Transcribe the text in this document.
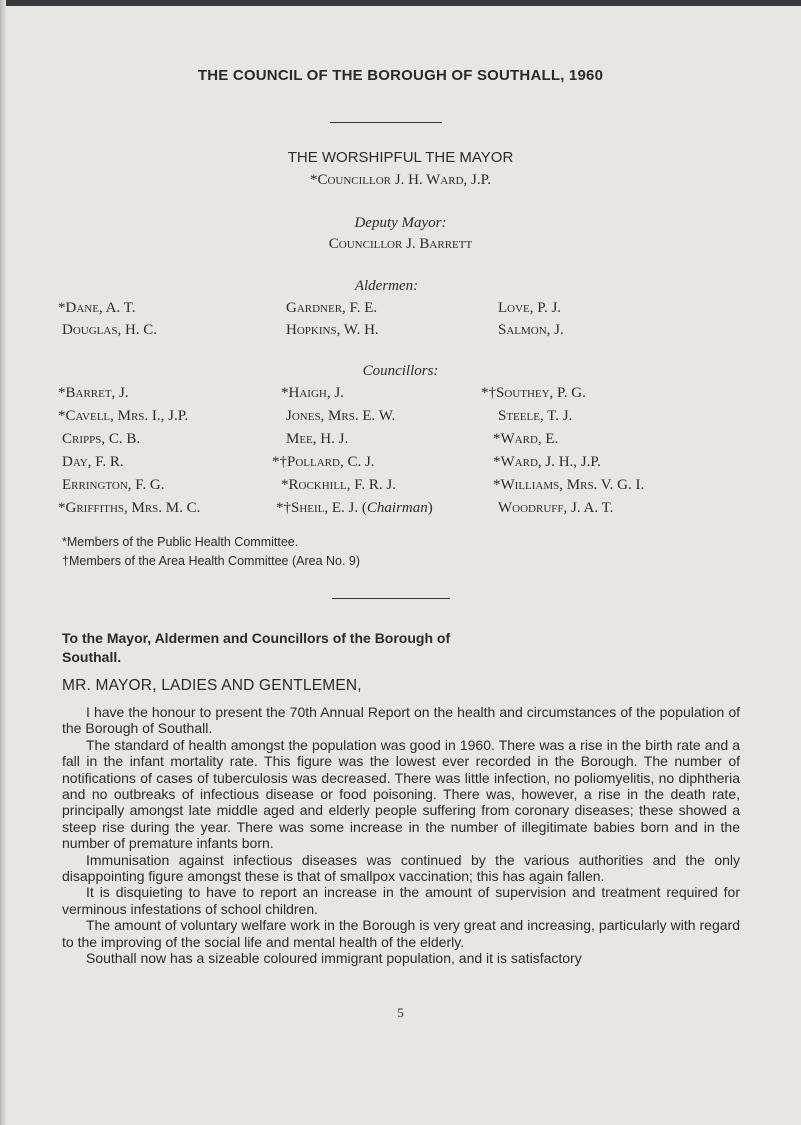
THE COUNCIL OF THE BOROUGH OF SOUTHALL, 1960
THE WORSHIPFUL THE MAYOR
*Councillor J. H. Ward, J.P.
Deputy Mayor:
Councillor J. Barrett
Aldermen:
*Dane, A. T.
Douglas, H. C.
Gardner, F. E.
Hopkins, W. H.
Love, P. J.
Salmon, J.
Councillors:
*Barret, J.
*Cavell, Mrs. I., J.P.
Cripps, C. B.
Day, F. R.
Errington, F. G.
*Griffiths, Mrs. M. C.
*Haigh, J.
Jones, Mrs. E. W.
Mee, H. J.
*†Pollard, C. J.
*Rockhill, F. R. J.
*†Sheil, E. J. (Chairman)
*†Southey, P. G.
Steele, T. J.
*Ward, E.
*Ward, J. H., J.P.
*Williams, Mrs. V. G. I.
Woodruff, J. A. T.
*Members of the Public Health Committee.
†Members of the Area Health Committee (Area No. 9)
To the Mayor, Aldermen and Councillors of the Borough of Southall.
MR. MAYOR, LADIES AND GENTLEMEN,

I have the honour to present the 70th Annual Report on the health and circumstances of the population of the Borough of Southall.

The standard of health amongst the population was good in 1960. There was a rise in the birth rate and a fall in the infant mortality rate. This figure was the lowest ever recorded in the Borough. The number of notifications of cases of tuberculosis was decreased. There was little infection, no poliomyelitis, no diphtheria and no outbreaks of infectious disease or food poisoning. There was, however, a rise in the death rate, principally amongst late middle aged and elderly people suffering from coronary diseases; these showed a steep rise during the year. There was some increase in the number of illegitimate babies born and in the number of premature infants born.

Immunisation against infectious diseases was continued by the various authorities and the only disappointing figure amongst these is that of smallpox vaccination; this has again fallen.

It is disquieting to have to report an increase in the amount of supervision and treatment required for verminous infestations of school children.

The amount of voluntary welfare work in the Borough is very great and increasing, particularly with regard to the improving of the social life and mental health of the elderly.

Southall now has a sizeable coloured immigrant population, and it is satisfactory

5
